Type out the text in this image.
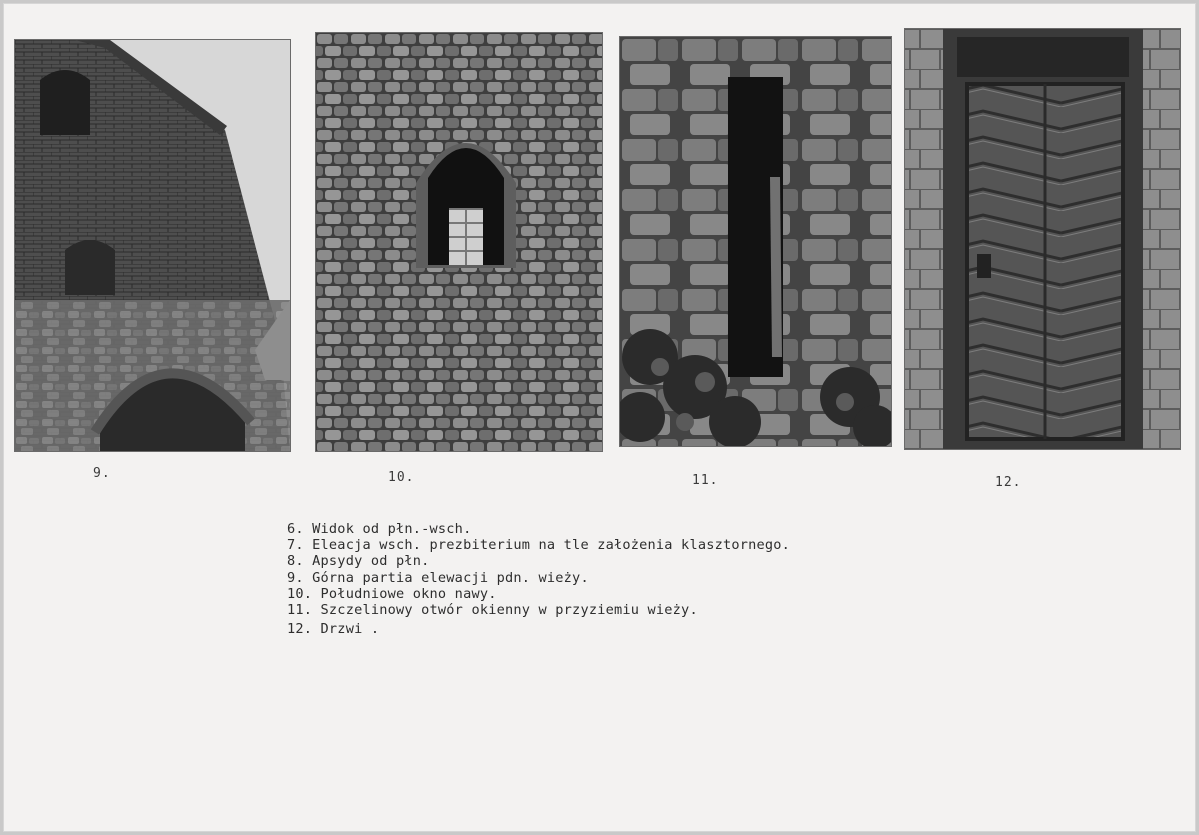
9.	10.	11.	12.
6. Widok od płn.-wsch.
7. Eleacja wsch. prezbiterium na tle założenia klasztornego.
8. Apsydy od płn.
9. Górna partia elewacji pdn. wieży.
10. Południowe okno nawy.
11. Szczelinowy otwór okienny w przyziemiu wieży.
12. Drzwi .
